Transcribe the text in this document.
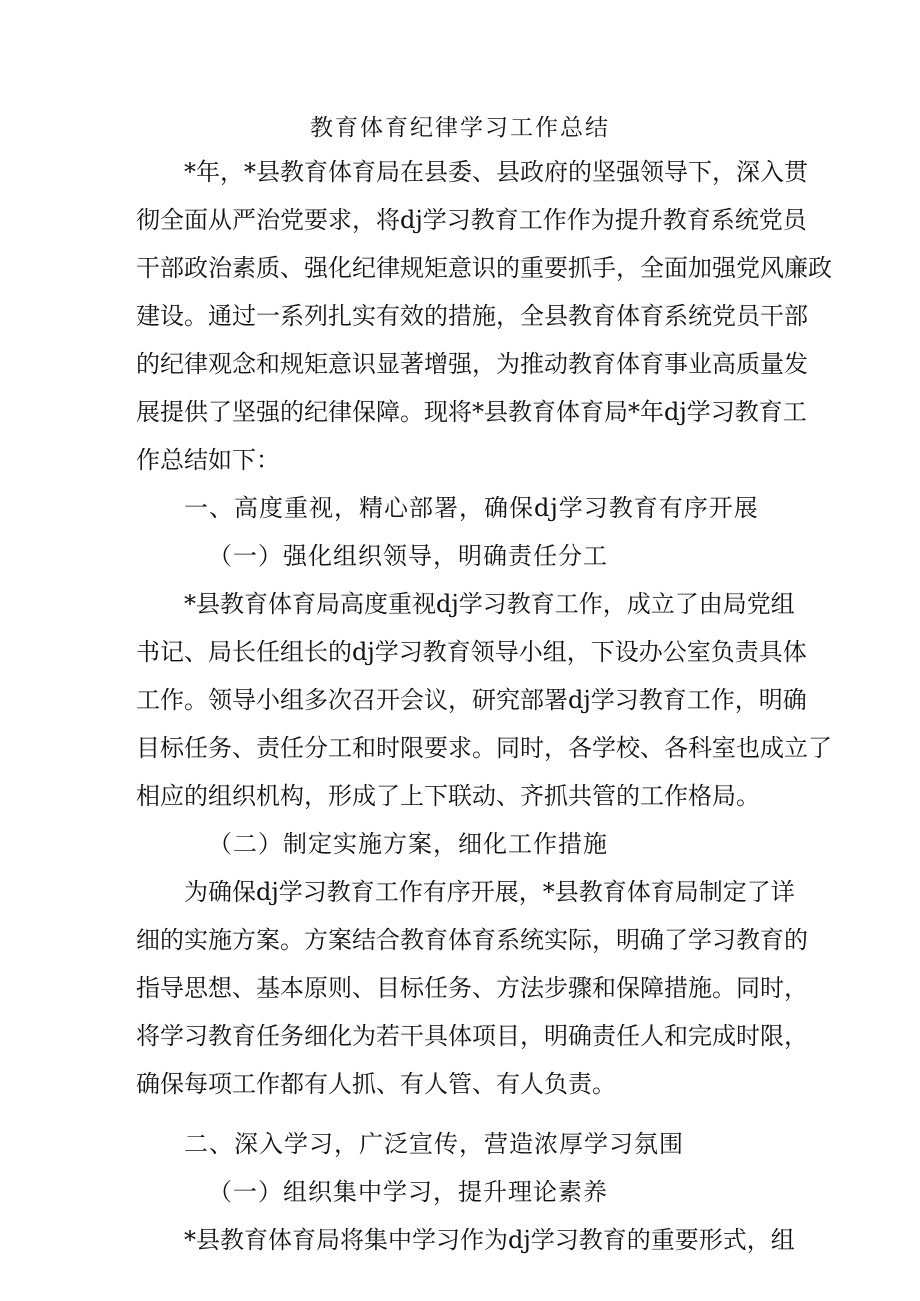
教育体育纪律学习工作总结
*年，*县教育体育局在县委、县政府的坚强领导下，深入贯
彻全面从严治党要求，将dj学习教育工作作为提升教育系统党员
干部政治素质、强化纪律规矩意识的重要抓手，全面加强党风廉政
建设。通过一系列扎实有效的措施，全县教育体育系统党员干部
的纪律观念和规矩意识显著增强，为推动教育体育事业高质量发
展提供了坚强的纪律保障。现将*县教育体育局*年dj学习教育工
作总结如下：
一、高度重视，精心部署，确保dj学习教育有序开展
（一）强化组织领导，明确责任分工
*县教育体育局高度重视dj学习教育工作，成立了由局党组
书记、局长任组长的dj学习教育领导小组，下设办公室负责具体
工作。领导小组多次召开会议，研究部署dj学习教育工作，明确
目标任务、责任分工和时限要求。同时，各学校、各科室也成立了
相应的组织机构，形成了上下联动、齐抓共管的工作格局。
（二）制定实施方案，细化工作措施
为确保dj学习教育工作有序开展，*县教育体育局制定了详
细的实施方案。方案结合教育体育系统实际，明确了学习教育的
指导思想、基本原则、目标任务、方法步骤和保障措施。同时，
将学习教育任务细化为若干具体项目，明确责任人和完成时限，
确保每项工作都有人抓、有人管、有人负责。
二、深入学习，广泛宣传，营造浓厚学习氛围
（一）组织集中学习，提升理论素养
*县教育体育局将集中学习作为dj学习教育的重要形式，组
